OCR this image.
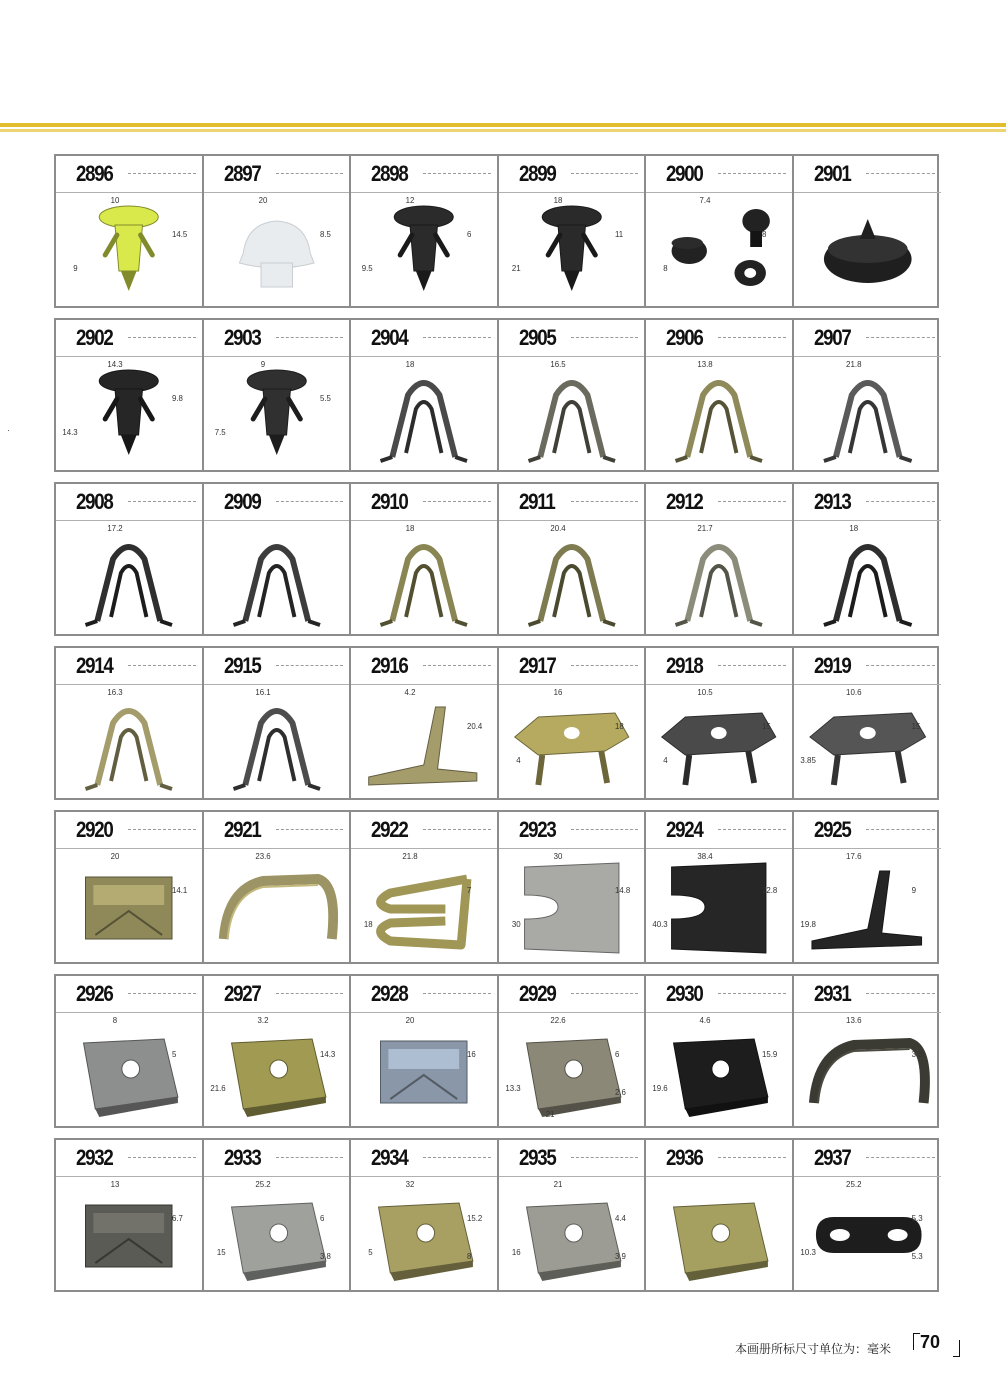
2896
10
14.5
9
2897
20
8.5
2898
12
6
9.5
2899
18
11
21
2900
7.4
8
8
2901
2902
14.3
9.8
14.3
2903
9
5.5
7.5
2904
18
2905
16.5
2906
13.8
2907
21.8
2908
17.2
2909	2910
18
2911
20.4
2912
21.7
2913
18
2914
16.3
2915
16.1
2916
4.2
20.4
2917
16
18
4
2918
10.5
15
4
2919
10.6
15
3.85
2920
20
14.1
2921
23.6
2922
21.8
7
18
2923
30
14.8
30
2924
38.4
22.8
40.3
2925
17.6
9
19.8
2926
8
5
2927
3.2
14.3
21.6
2928
20
16
2929
22.6
6
13.3	2.6
21
2930
4.6
15.9
19.6
2931
13.6
3.3
2932
13
6.7
2933
25.2
6
15	3.8
2934
32
15.2
5	8
2935
21
4.4
16	3.9
2936	2937
25.2
5.3
10.3	5.3
本画册所标尺寸单位为：毫米 70
